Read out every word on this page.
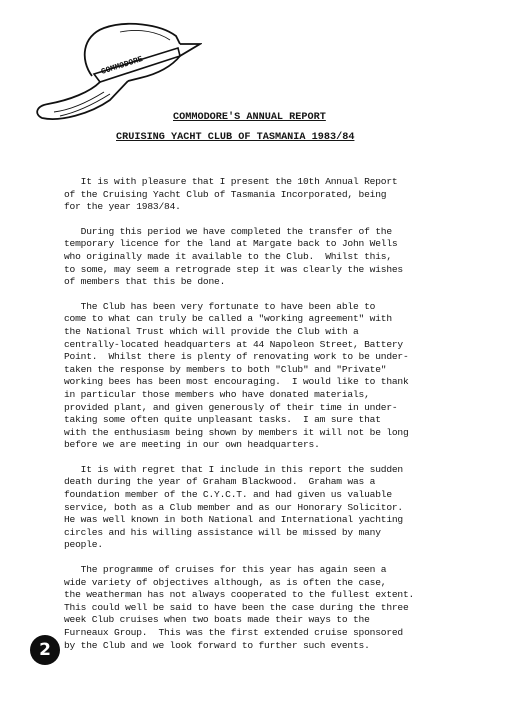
COMMODORE
COMMODORE'S ANNUAL REPORT
CRUISING YACHT CLUB OF TASMANIA 1983/84
It is with pleasure that I present the 10th Annual Report
of the Cruising Yacht Club of Tasmania Incorporated, being
for the year 1983/84.
During this period we have completed the transfer of the
temporary licence for the land at Margate back to John Wells
who originally made it available to the Club.  Whilst this,
to some, may seem a retrograde step it was clearly the wishes
of members that this be done.
The Club has been very fortunate to have been able to
come to what can truly be called a "working agreement" with
the National Trust which will provide the Club with a
centrally-located headquarters at 44 Napoleon Street, Battery
Point.  Whilst there is plenty of renovating work to be under-
taken the response by members to both "Club" and "Private"
working bees has been most encouraging.  I would like to thank
in particular those members who have donated materials,
provided plant, and given generously of their time in under-
taking some often quite unpleasant tasks.  I am sure that
with the enthusiasm being shown by members it will not be long
before we are meeting in our own headquarters.
It is with regret that I include in this report the sudden
death during the year of Graham Blackwood.  Graham was a
foundation member of the C.Y.C.T. and had given us valuable
service, both as a Club member and as our Honorary Solicitor.
He was well known in both National and International yachting
circles and his willing assistance will be missed by many
people.
The programme of cruises for this year has again seen a
wide variety of objectives although, as is often the case,
the weatherman has not always cooperated to the fullest extent.
This could well be said to have been the case during the three
week Club cruises when two boats made their ways to the
Furneaux Group.  This was the first extended cruise sponsored
by the Club and we look forward to further such events.
2
